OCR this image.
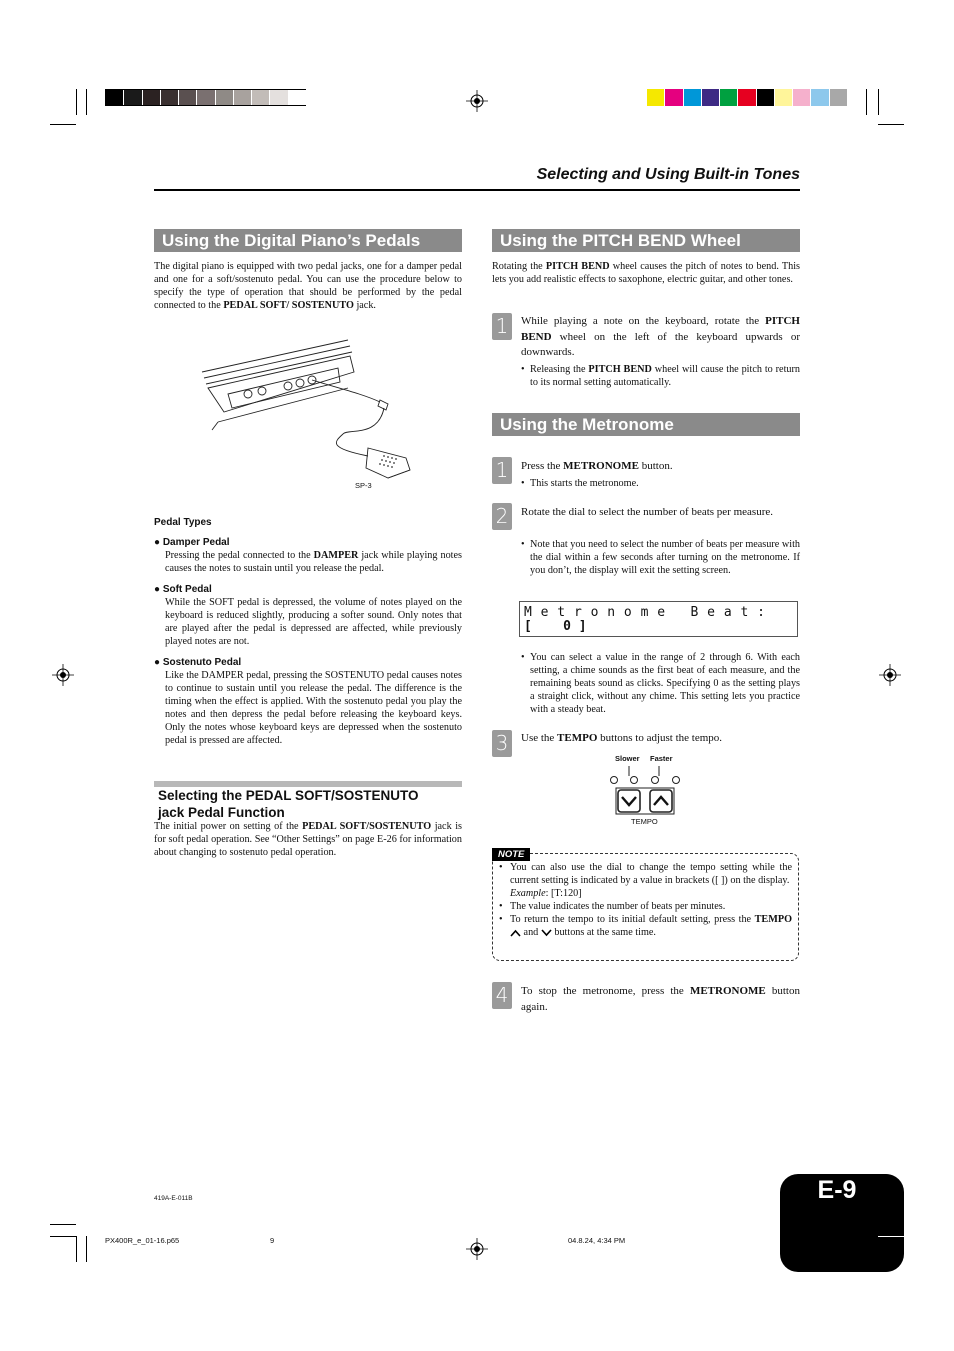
Selecting and Using Built-in Tones
Using the Digital Piano’s Pedals
The digital piano is equipped with two pedal jacks, one for a damper pedal and one for a soft/sostenuto pedal. You can use the procedure below to specify the type of operation that should be performed by the pedal connected to the PEDAL SOFT/ SOSTENUTO jack.
SP-3
Pedal Types
● Damper Pedal
Pressing the pedal connected to the DAMPER jack while playing notes causes the notes to sustain until you release the pedal.
● Soft Pedal
While the SOFT pedal is depressed, the volume of notes played on the keyboard is reduced slightly, producing a softer sound. Only notes that are played after the pedal is depressed are affected, while previously played notes are not.
● Sostenuto Pedal
Like the DAMPER pedal, pressing the SOSTENUTO pedal causes notes to continue to sustain until you release the pedal. The difference is the timing when the effect is applied. With the sostenuto pedal you play the notes and then depress the pedal before releasing the keyboard keys. Only the notes whose keyboard keys are depressed when the sostenuto pedal is pressed are affected.
Selecting the PEDAL SOFT/SOSTENUTO
jack Pedal Function
The initial power on setting of the PEDAL SOFT/SOSTENUTO jack is for soft pedal operation. See “Other Settings” on page E-26 for information about changing to sostenuto pedal operation.
Using the PITCH BEND Wheel
Rotating the PITCH BEND wheel causes the pitch of notes to bend. This lets you add realistic effects to saxophone, electric guitar, and other tones.
1	While playing a note on the keyboard, rotate the PITCH BEND wheel on the left of the keyboard upwards or downwards.
• Releasing the PITCH BEND wheel will cause the pitch to return to its normal setting automatically.
Using the Metronome
1	Press the METRONOME button.
• This starts the metronome.
2	Rotate the dial to select the number of beats per measure.
• Note that you need to select the number of beats per measure with the dial within a few seconds after turning on the metronome. If you don’t, the display will exit the setting screen.
M e t r o n o m e   B e a t :
[    0 ]
• You can select a value in the range of 2 through 6. With each setting, a chime sounds as the first beat of each measure, and the remaining beats sound as clicks. Specifying 0 as the setting plays a straight click, without any chime. This setting lets you practice with a steady beat.
3	Use the TEMPO buttons to adjust the tempo.
Slower Faster
TEMPO
NOTE
• You can also use the dial to change the tempo setting while the current setting is indicated by a value in brackets ([ ]) on the display.
Example: [T:120]
• The value indicates the number of beats per minutes.
• To return the tempo to its initial default setting, press the TEMPO  and  buttons at the same time.
4	To stop the metronome, press the METRONOME button again.
E-9
419A-E-011B
PX400R_e_01-16.p65	9	04.8.24, 4:34 PM
